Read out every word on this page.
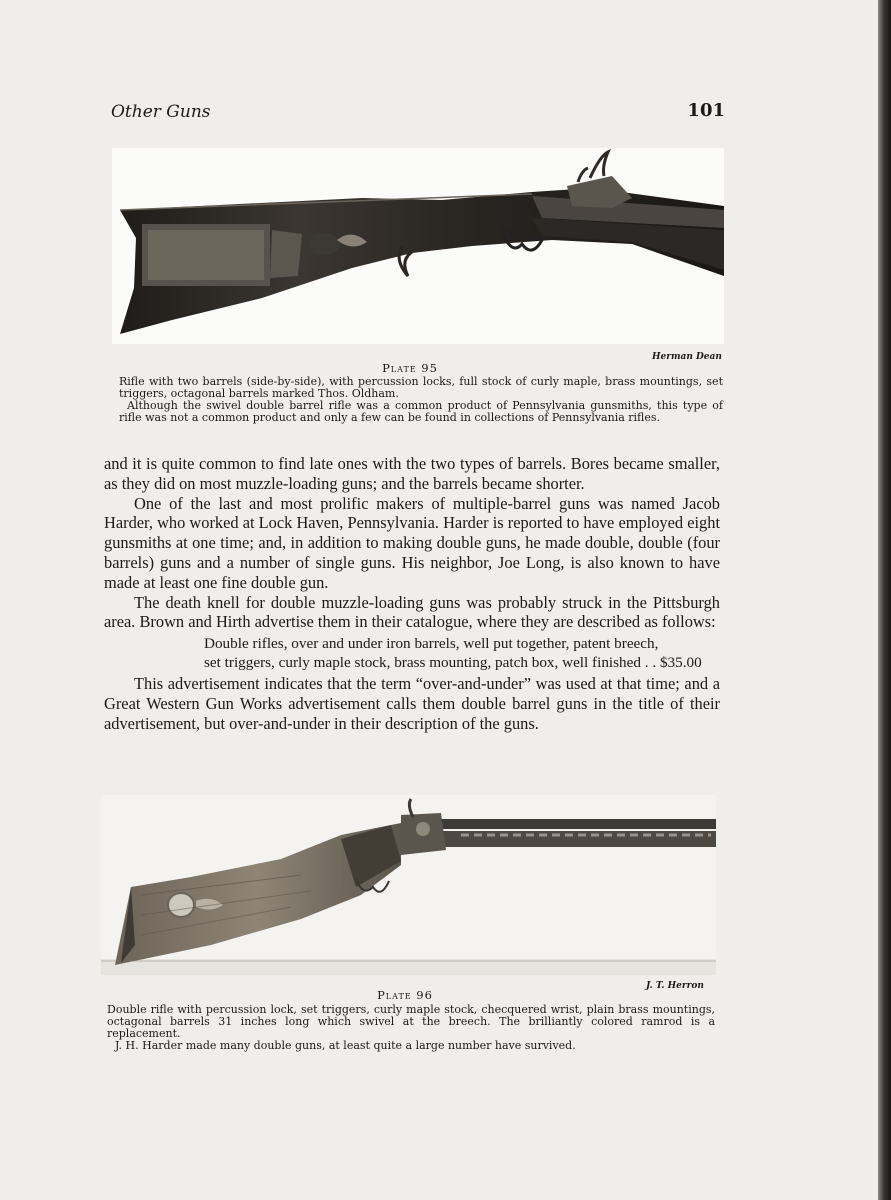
Other Guns	101
Herman Dean
Plate 95

Rifle with two barrels (side-by-side), with percussion locks, full stock of curly maple, brass mountings, set triggers, octagonal barrels marked Thos. Oldham.

Although the swivel double barrel rifle was a common product of Pennsylvania gunsmiths, this type of rifle was not a common product and only a few can be found in collections of Pennsylvania rifles.

and it is quite common to find late ones with the two types of barrels. Bores became smaller, as they did on most muzzle-loading guns; and the barrels became shorter.

One of the last and most prolific makers of multiple-barrel guns was named Jacob Harder, who worked at Lock Haven, Pennsylvania. Harder is reported to have employed eight gunsmiths at one time; and, in addition to making double guns, he made double, double (four barrels) guns and a number of single guns. His neighbor, Joe Long, is also known to have made at least one fine double gun.

The death knell for double muzzle-loading guns was probably struck in the Pittsburgh area. Brown and Hirth advertise them in their catalogue, where they are described as follows:

Double rifles, over and under iron barrels, well put together, patent breech,
set triggers, curly maple stock, brass mounting, patch box, well finished . . $35.00

This advertisement indicates that the term “over-and-under” was used at that time; and a Great Western Gun Works advertisement calls them double barrel guns in the title of their advertisement, but over-and-under in their description of the guns.

J. T. Herron
Plate 96

Double rifle with percussion lock, set triggers, curly maple stock, checquered wrist, plain brass mountings, octagonal barrels 31 inches long which swivel at the breech. The brilliantly colored ramrod is a replacement.

J. H. Harder made many double guns, at least quite a large number have survived.
